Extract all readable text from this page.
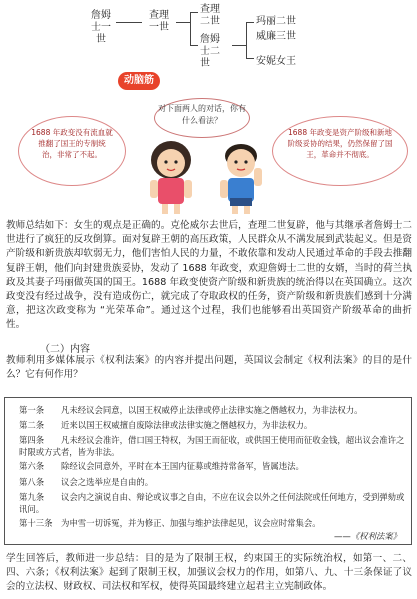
詹姆士一世
查理一世
查理二世
詹姆士二世
玛丽二世
威廉三世
安妮女王
动脑筋
对下面两人的对话，你有什么看法？
1688 年政变没有流血就推翻了国王的专制统治，非常了不起。
1688 年政变是资产阶级和新地阶级妥协的结果，仍然保留了国王，革命并不彻底。
教师总结如下：女生的观点是正确的。克伦威尔去世后，查理二世复辟，他与其继承者詹姆士二世进行了疯狂的反攻倒算。面对复辟王朝的高压政策，人民群众从不满发展到武装起义。但是资产阶级和新贵族却软弱无力，他们害怕人民的力量，不敢依靠和发动人民通过革命的手段去推翻复辟王朝，他们向封建贵族妥协，发动了 1688 年政变，欢迎詹姆士二世的女婿，当时的荷兰执政及其妻子玛丽做英国的国王。1688 年政变使资产阶级和新贵族的统治得以在英国确立。这次政变没有经过战争，没有造成伤亡，就完成了夺取政权的任务，资产阶级和新贵族们感到十分满意，把这次政变称为 “光荣革命”。通过这个过程，我们也能够看出英国资产阶级革命的曲折性。
（二）内容
教师利用多媒体展示《权利法案》的内容并提出问题，英国议会制定《权利法案》的目的是什么？它有何作用？
第一条 凡未经议会同意，以国王权威停止法律或停止法律实施之僭越权力，为非法权力。
第二条 近来以国王权威擅自废除法律或法律实施之僭越权力，为非法权力。
第四条 凡未经议会准许，借口国王特权，为国王而征收，或供国王使用而征收金钱，超出议会准许之时限或方式者，皆为非法。
第六条 除经议会同意外，平时在本王国内征募或维持常备军，皆属违法。
第八条 议会之选举应是自由的。
第九条 议会内之演说自由、辩论或议事之自由，不应在议会以外之任何法院或任何地方，受到弹劾或讯问。
第十三条 为申雪一切诉冤，并为修正、加强与维护法律起见，议会应时常集会。
——《权利法案》
学生回答后，教师进一步总结：目的是为了限制王权，约束国王的实际统治权，如第一、二、四、六条；《权利法案》起到了限制王权，加强议会权力的作用，如第八、九、十三条保证了议会的立法权、财政权、司法权和军权，使得英国最终建立起君主立宪制政体。
